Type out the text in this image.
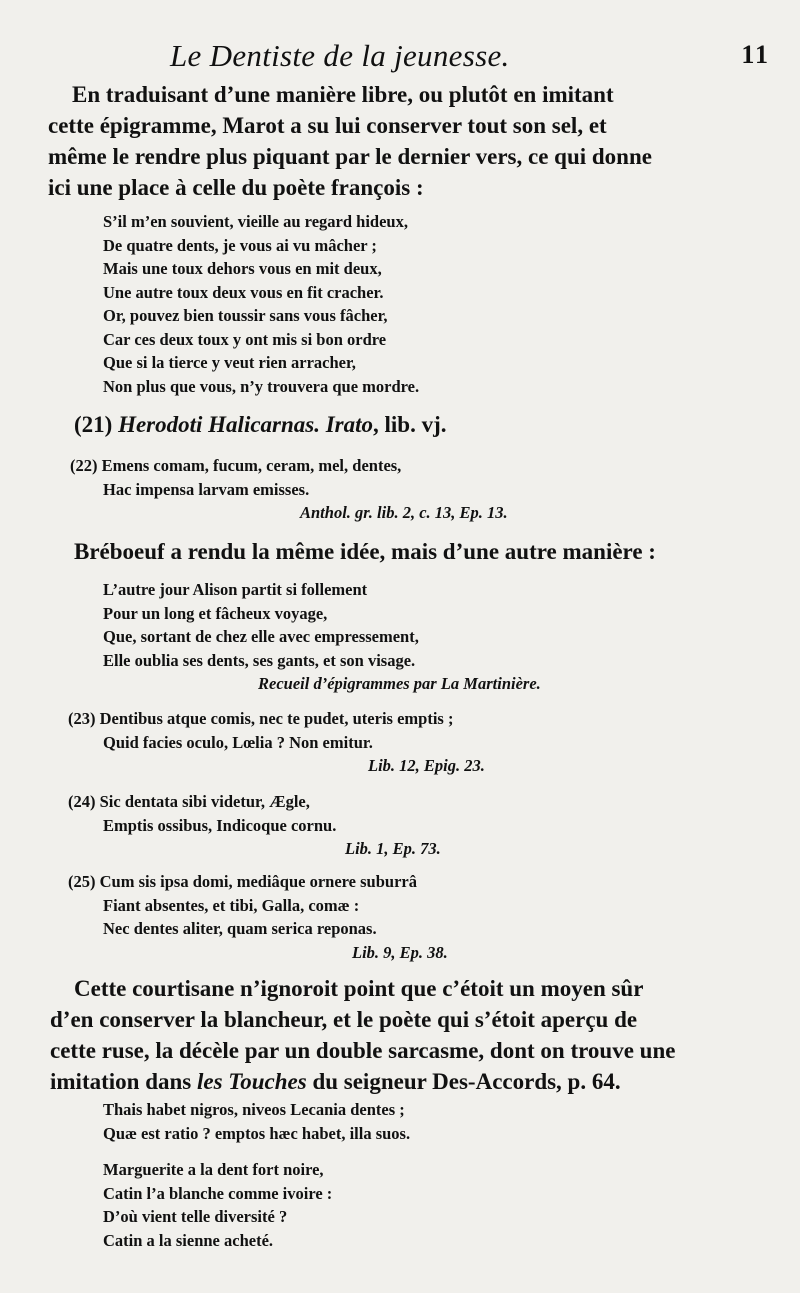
Le Dentiste de la jeunesse.	11
En traduisant d’une manière libre, ou plutôt en imitant
cette épigramme, Marot a su lui conserver tout son sel, et
même le rendre plus piquant par le dernier vers, ce qui donne
ici une place à celle du poète françois :
S’il m’en souvient, vieille au regard hideux,
De quatre dents, je vous ai vu mâcher ;
Mais une toux dehors vous en mit deux,
Une autre toux deux vous en fit cracher.
Or, pouvez bien toussir sans vous fâcher,
Car ces deux toux y ont mis si bon ordre
Que si la tierce y veut rien arracher,
Non plus que vous, n’y trouvera que mordre.
(21) Herodoti Halicarnas. Irato, lib. vj.
(22) Emens comam, fucum, ceram, mel, dentes,
Hac impensa larvam emisses.
Anthol. gr. lib. 2, c. 13, Ep. 13.
Bréboeuf a rendu la même idée, mais d’une autre manière :
L’autre jour Alison partit si follement
Pour un long et fâcheux voyage,
Que, sortant de chez elle avec empressement,
Elle oublia ses dents, ses gants, et son visage.
Recueil d’épigrammes par La Martinière.
(23) Dentibus atque comis, nec te pudet, uteris emptis ;
Quid facies oculo, Lœlia ? Non emitur.
Lib. 12, Epig. 23.
(24) Sic dentata sibi videtur, Ægle,
Emptis ossibus, Indicoque cornu.
Lib. 1, Ep. 73.
(25) Cum sis ipsa domi, mediâque ornere suburrâ
Fiant absentes, et tibi, Galla, comæ :
Nec dentes aliter, quam serica reponas.
Lib. 9, Ep. 38.
Cette courtisane n’ignoroit point que c’étoit un moyen sûr
d’en conserver la blancheur, et le poète qui s’étoit aperçu de
cette ruse, la décèle par un double sarcasme, dont on trouve une
imitation dans les Touches du seigneur Des-Accords, p. 64.
Thais habet nigros, niveos Lecania dentes ;
Quæ est ratio ? emptos hæc habet, illa suos.
Marguerite a la dent fort noire,
Catin l’a blanche comme ivoire :
D’où vient telle diversité ?
Catin a la sienne acheté.
